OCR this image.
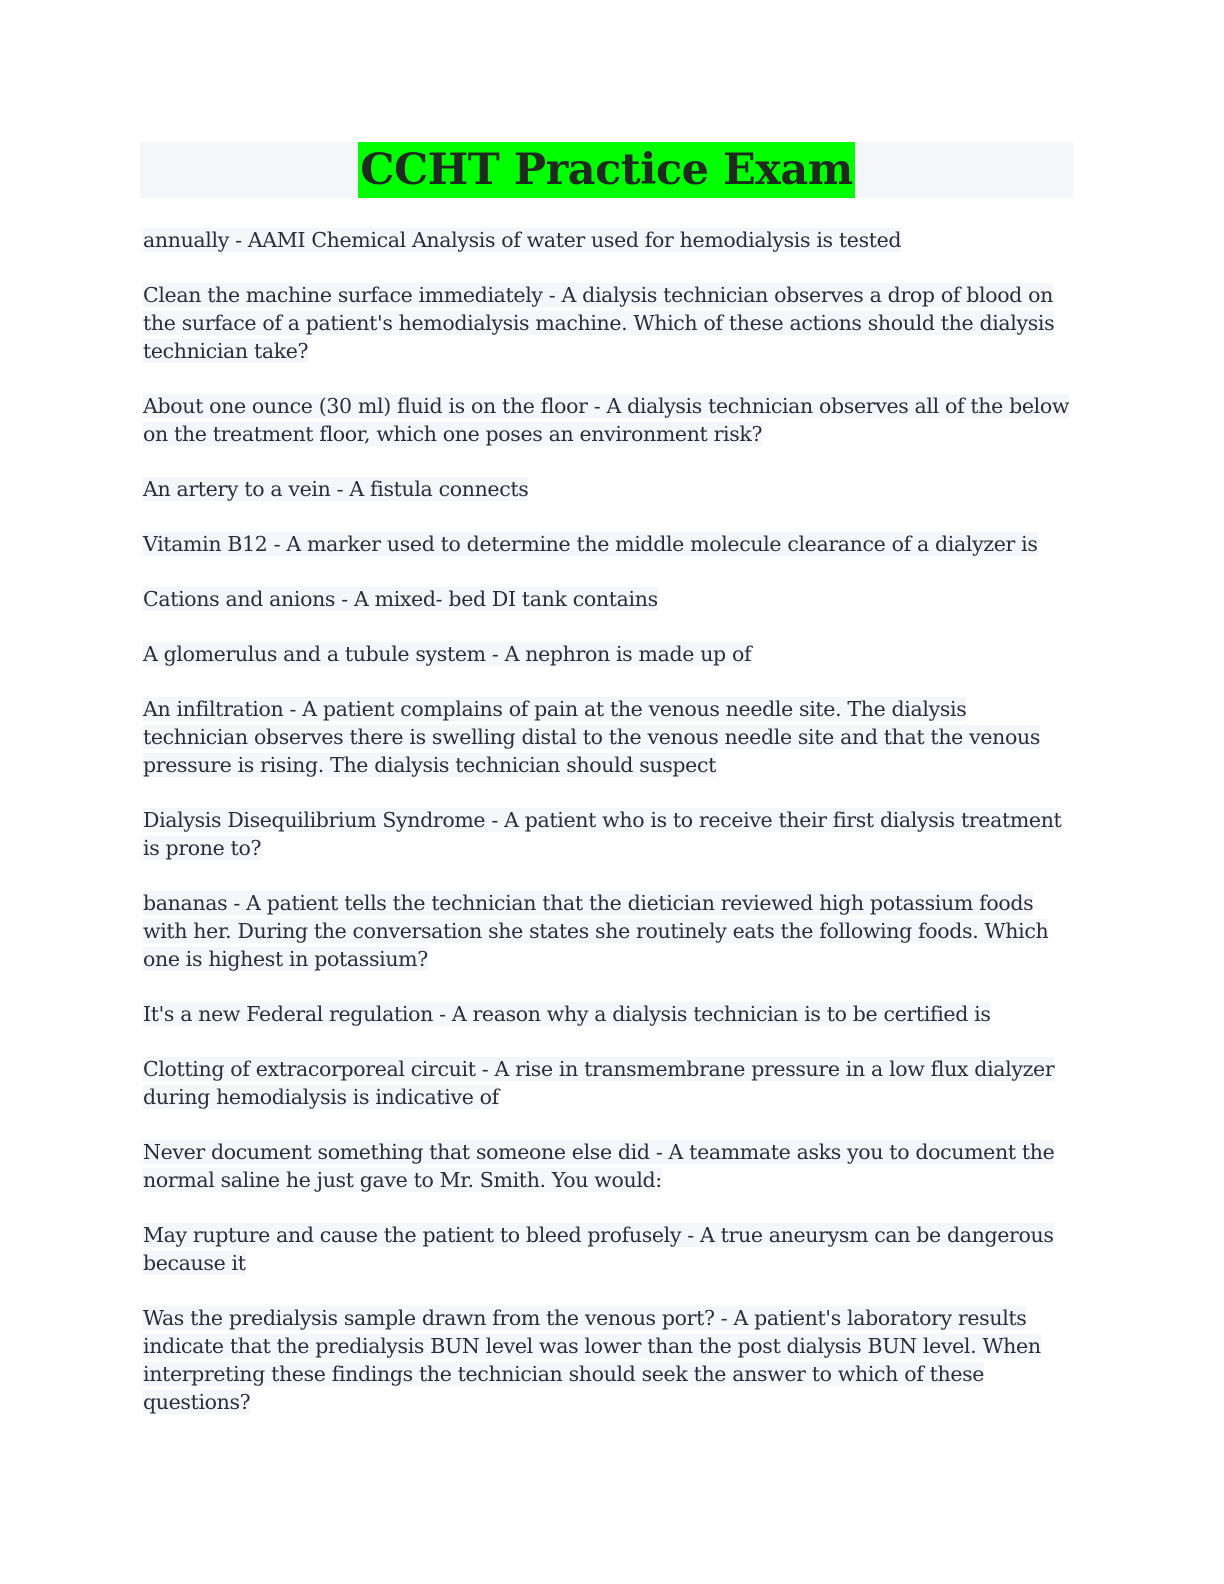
CCHT Practice Exam

annually - AAMI Chemical Analysis of water used for hemodialysis is tested

Clean the machine surface immediately - A dialysis technician observes a drop of blood on the surface of a patient's hemodialysis machine. Which of these actions should the dialysis technician take?

About one ounce (30 ml) fluid is on the floor - A dialysis technician observes all of the below on the treatment floor, which one poses an environment risk?

An artery to a vein - A fistula connects

Vitamin B12 - A marker used to determine the middle molecule clearance of a dialyzer is

Cations and anions - A mixed- bed DI tank contains

A glomerulus and a tubule system - A nephron is made up of

An infiltration - A patient complains of pain at the venous needle site. The dialysis technician observes there is swelling distal to the venous needle site and that the venous pressure is rising. The dialysis technician should suspect

Dialysis Disequilibrium Syndrome - A patient who is to receive their first dialysis treatment is prone to?

bananas - A patient tells the technician that the dietician reviewed high potassium foods with her. During the conversation she states she routinely eats the following foods. Which one is highest in potassium?

It's a new Federal regulation - A reason why a dialysis technician is to be certified is

Clotting of extracorporeal circuit - A rise in transmembrane pressure in a low flux dialyzer during hemodialysis is indicative of

Never document something that someone else did - A teammate asks you to document the normal saline he just gave to Mr. Smith. You would:

May rupture and cause the patient to bleed profusely - A true aneurysm can be dangerous because it

Was the predialysis sample drawn from the venous port? - A patient's laboratory results indicate that the predialysis BUN level was lower than the post dialysis BUN level. When interpreting these findings the technician should seek the answer to which of these questions?
